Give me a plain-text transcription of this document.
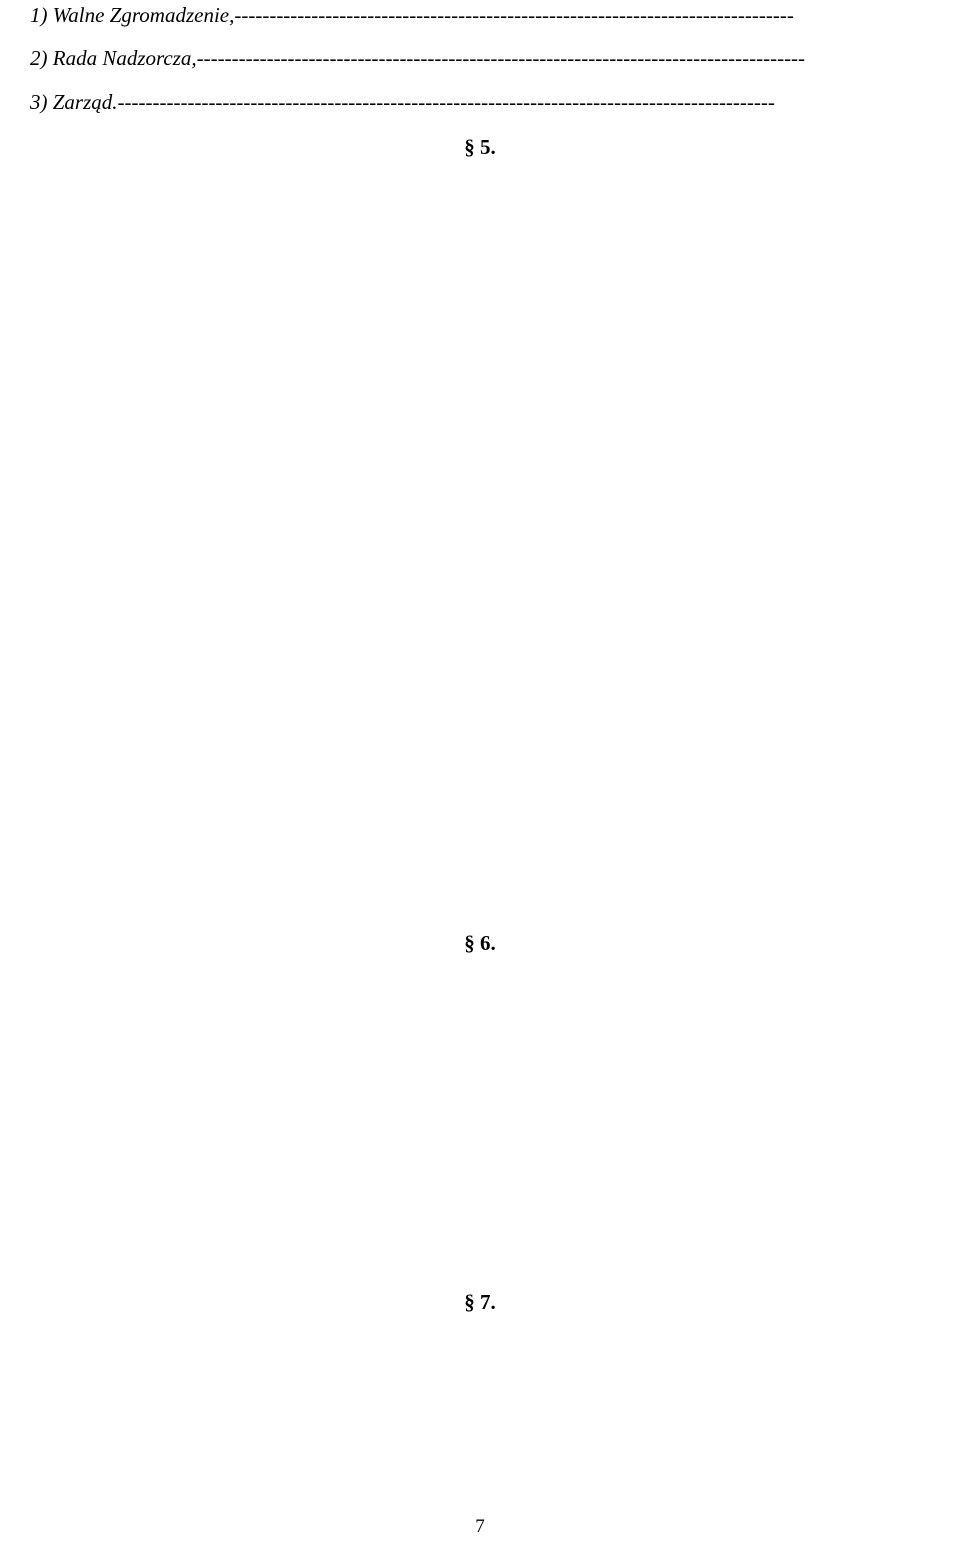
1) Walne Zgromadzenie,--------------------------------------------------------------------------------
2) Rada Nadzorcza,---------------------------------------------------------------------------------------
3) Zarząd.----------------------------------------------------------------------------------------------
§ 5.
§ 6.
§ 7.
7
